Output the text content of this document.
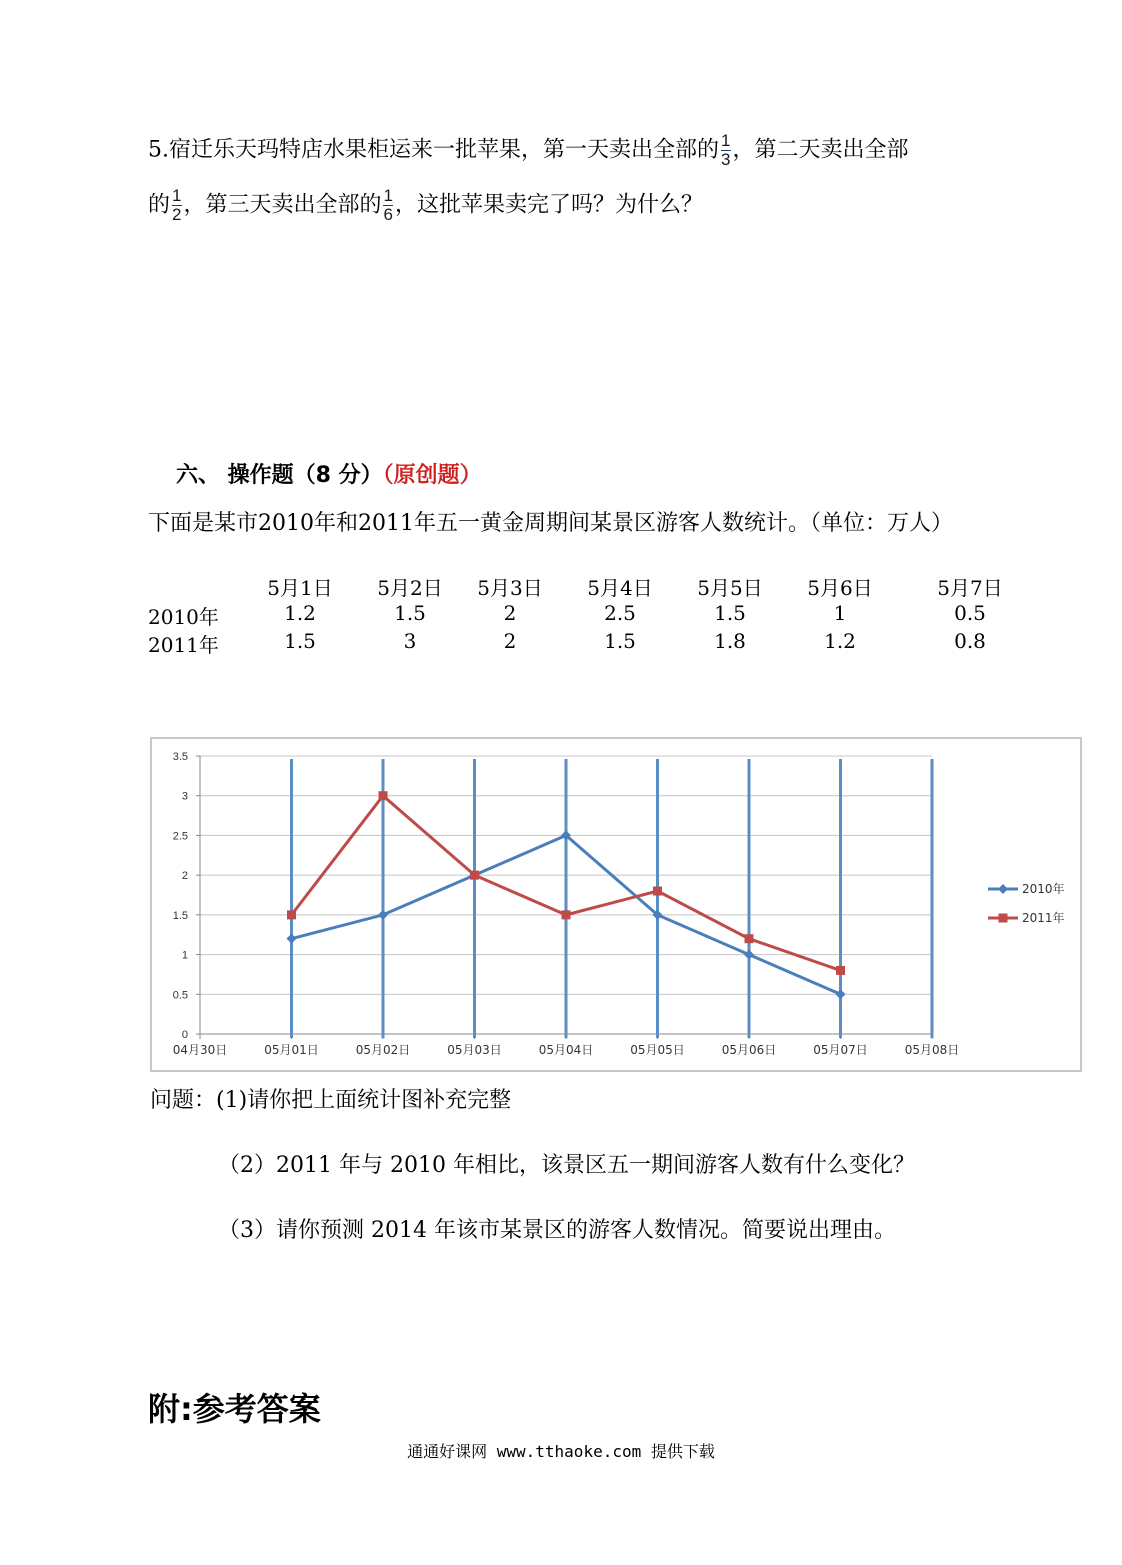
5.宿迁乐天玛特店水果柜运来一批苹果，第一天卖出全部的 $\frac{1}{3}$ ，第二天卖出全部
的 $\frac{1}{2}$ ，第三天卖出全部的 $\frac{1}{6}$ ，这批苹果卖完了吗？为什么？
六、 操作题（8 分）（原创题）
下面是某市2010年和2011年五一黄金周期间某景区游客人数统计。（单位：万人）
5月1日 5月2日 5月3日 5月4日 5月5日 5月6日	5月7日
2010年	1.2	1.5	2	2.5	1.5	1	0.5
2011年	1.5	3	2	1.5	1.8	1.2	0.8
0
0.5
1
1.5
2
2.5
3
3.5
04月30日	05月01日	05月02日	05月03日	05月04日	05月05日	05月06日	05月07日	05月08日
2010年
2011年
问题：(1)请你把上面统计图补充完整
（2）2011 年与 2010 年相比，该景区五一期间游客人数有什么变化？
（3）请你预测 2014 年该市某景区的游客人数情况。简要说出理由。
附:参考答案
通通好课网 www.tthaoke.com 提供下载
